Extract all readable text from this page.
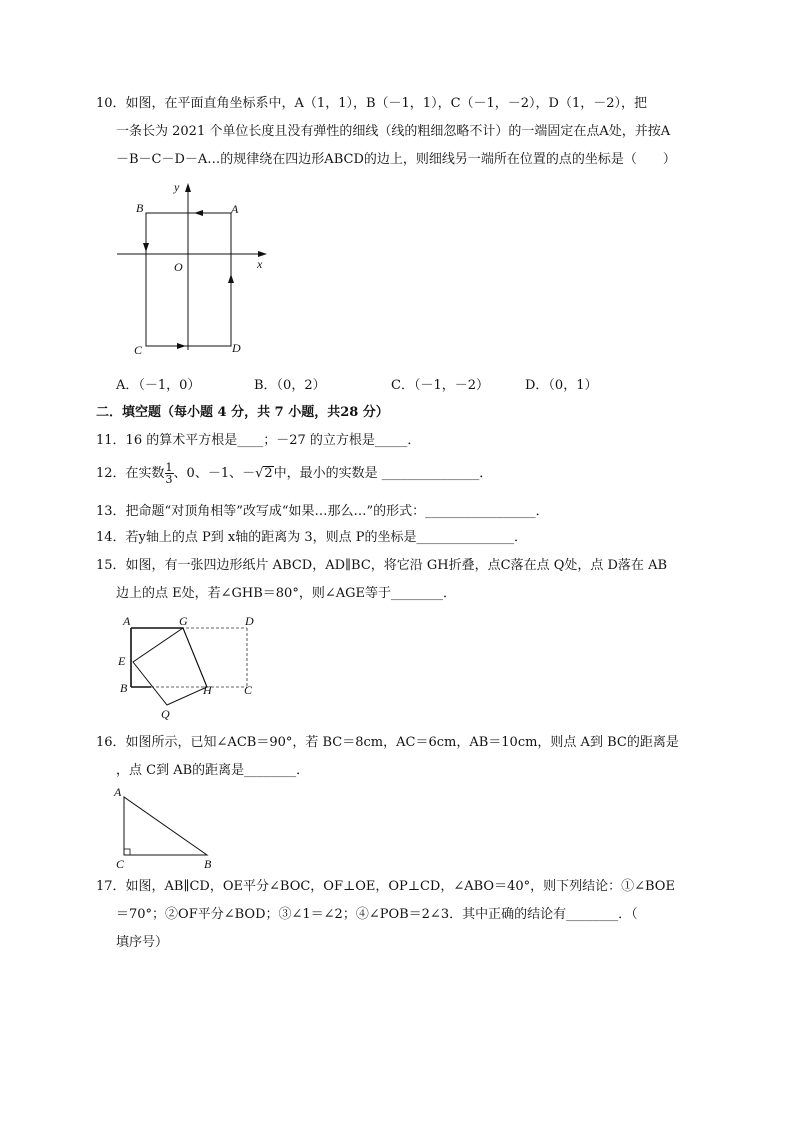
10．如图，在平面直角坐标系中，A（1，1），B（－1，1），C（－1，－2），D（1，－2），把
一条长为 2021 个单位长度且没有弹性的细线（线的粗细忽略不计）的一端固定在点A处，并按A
－B－C－D－A…的规律绕在四边形ABCD的边上，则细线另一端所在位置的点的坐标是（　　）
y
x
O
A
B
C	D
A．（－1，0）	B．（0，2）	C．（－1，－2）	D．（0，1）
二．填空题（每小题 4 分，共 7 小题，共28 分）
11．16 的算术平方根是____；－27 的立方根是_____．
12．在实数 $\frac{1}{3}$ 、0、－1、－√2中，最小的实数是 _______________．
13．把命题“对顶角相等”改写成“如果…那么…”的形式：_________________．
14．若y轴上的点 P到 x轴的距离为 3，则点 P的坐标是_______________．
15．如图，有一张四边形纸片 ABCD，AD∥BC，将它沿 GH折叠，点C落在点 Q处，点 D落在 AB
边上的点 E处，若∠GHB＝80°，则∠AGE等于________．
A	G	D
E
B	H	C
Q
16．如图所示，已知∠ACB＝90°，若 BC＝8cm，AC＝6cm，AB＝10cm，则点 A到 BC的距离是
，点 C到 AB的距离是________．
A
C	B
17．如图，AB∥CD，OE平分∠BOC，OF⊥OE，OP⊥CD，∠ABO＝40°，则下列结论：①∠BOE
＝70°；②OF平分∠BOD；③∠1＝∠2；④∠POB＝2∠3．其中正确的结论有________．（
填序号）
